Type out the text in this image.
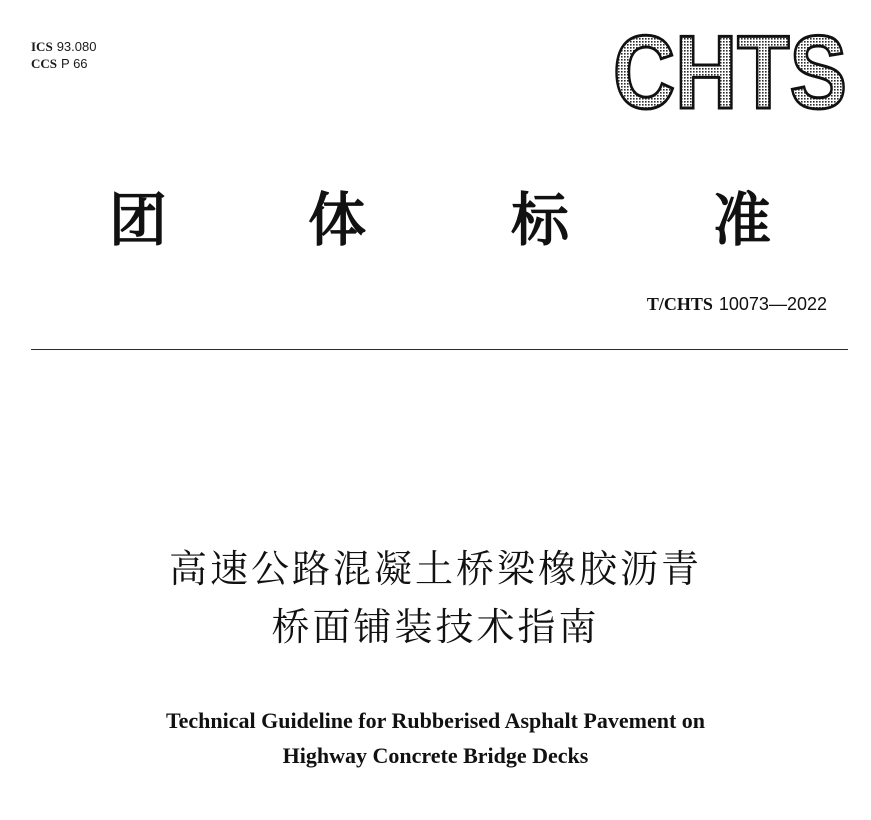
ICS 93.080
CCS P 66	CHTS
团 体 标 准
T/CHTS 10073—2022
高速公路混凝土桥梁橡胶沥青
桥面铺装技术指南
Technical Guideline for Rubberised Asphalt Pavement on
Highway Concrete Bridge Decks
